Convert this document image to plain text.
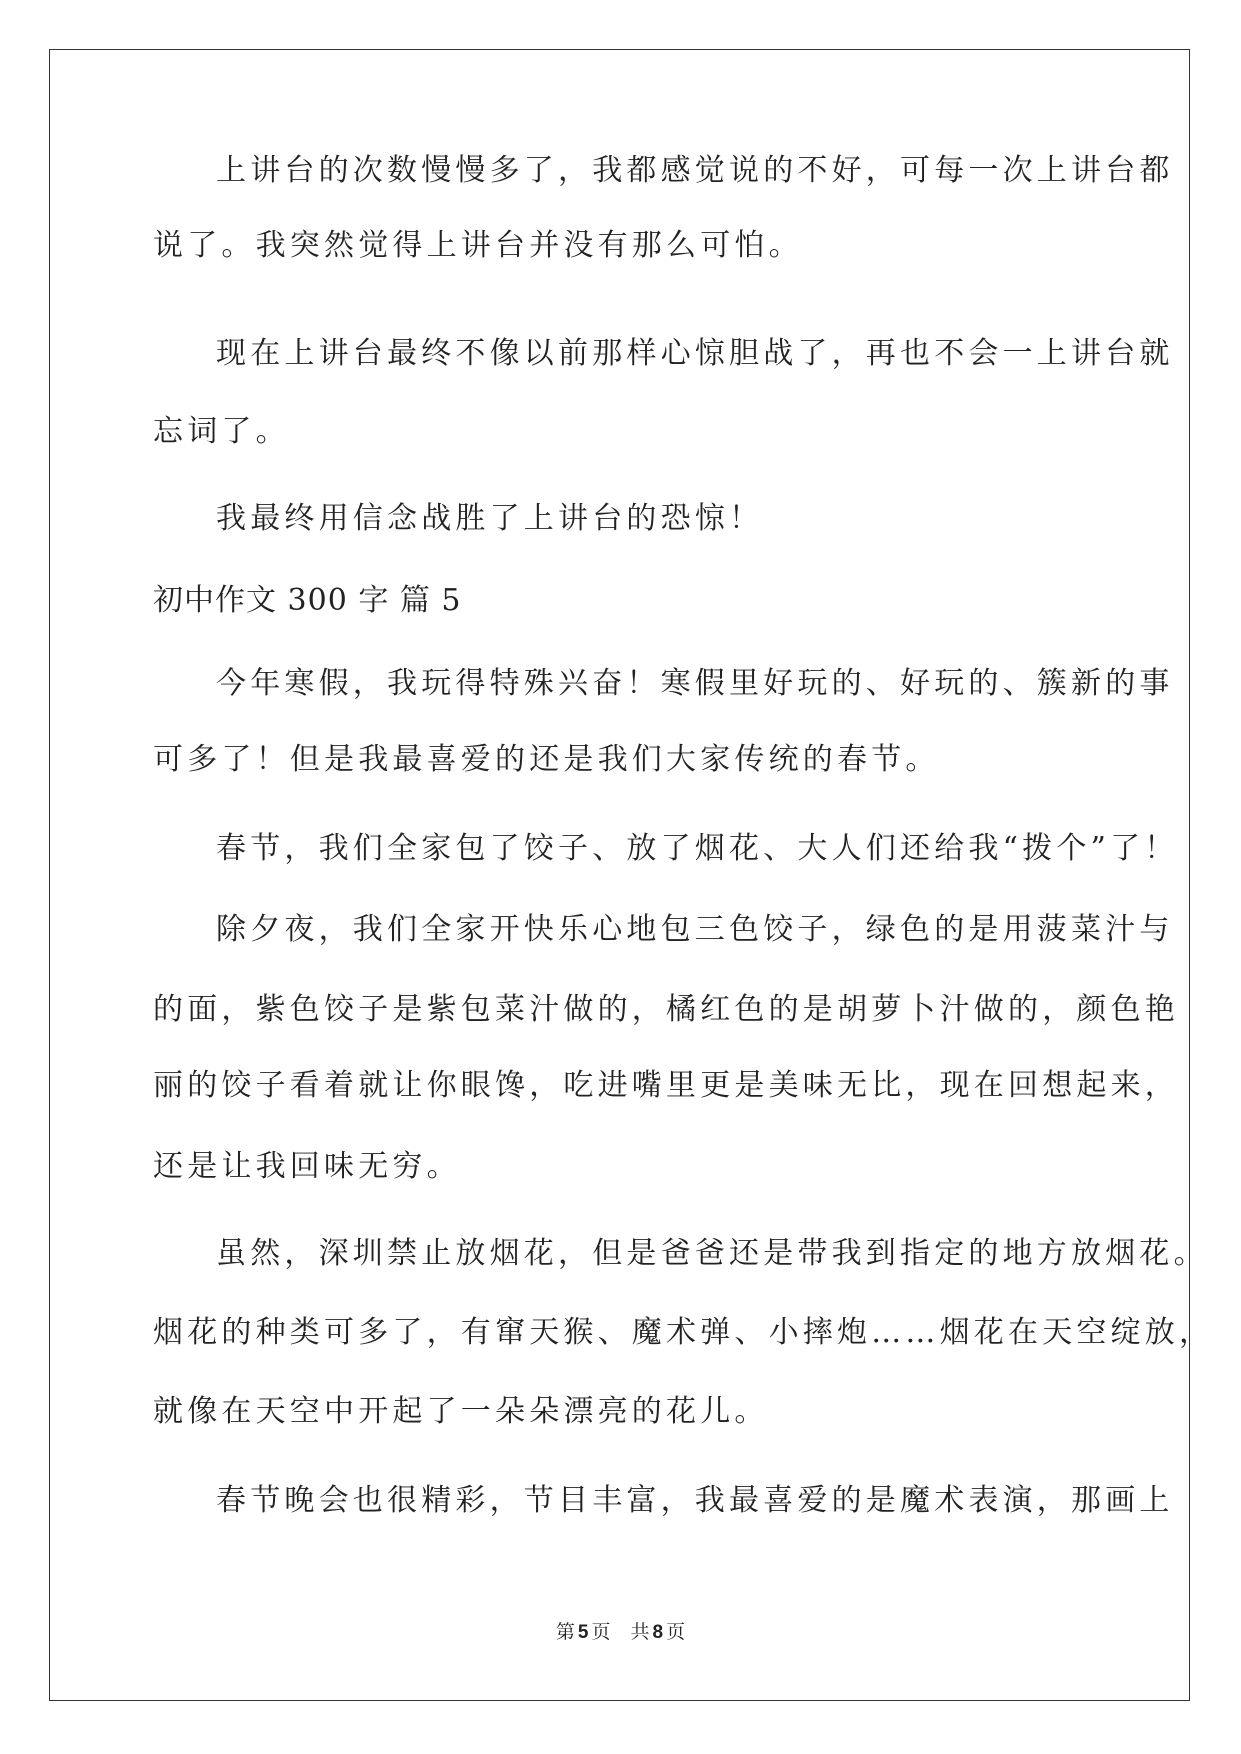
上讲台的次数慢慢多了，我都感觉说的不好，可每一次上讲台都
说了。我突然觉得上讲台并没有那么可怕。
现在上讲台最终不像以前那样心惊胆战了，再也不会一上讲台就
忘词了。
我最终用信念战胜了上讲台的恐惊！
初中作文 300 字 篇 5
今年寒假，我玩得特殊兴奋！寒假里好玩的、好玩的、簇新的事
可多了！但是我最喜爱的还是我们大家传统的春节。
春节，我们全家包了饺子、放了烟花、大人们还给我“拨个”了！
除夕夜，我们全家开快乐心地包三色饺子，绿色的是用菠菜汁与
的面，紫色饺子是紫包菜汁做的，橘红色的是胡萝卜汁做的，颜色艳
丽的饺子看着就让你眼馋，吃进嘴里更是美味无比，现在回想起来，
还是让我回味无穷。
虽然，深圳禁止放烟花，但是爸爸还是带我到指定的地方放烟花。
烟花的种类可多了，有窜天猴、魔术弹、小摔炮……烟花在天空绽放，
就像在天空中开起了一朵朵漂亮的花儿。
春节晚会也很精彩，节目丰富，我最喜爱的是魔术表演，那画上
第 5 页 共 8 页
